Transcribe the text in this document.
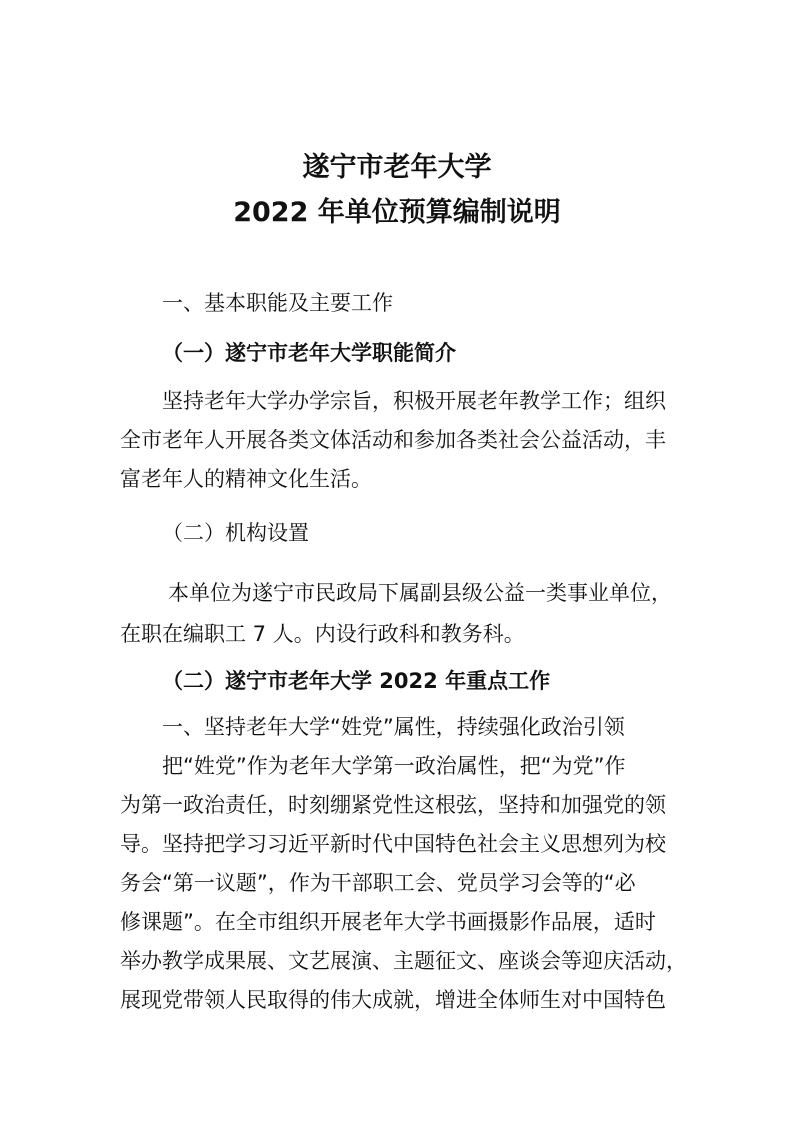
遂宁市老年大学
2022 年单位预算编制说明

一、基本职能及主要工作

（一）遂宁市老年大学职能简介

坚持老年大学办学宗旨，积极开展老年教学工作；组织

全市老年人开展各类文体活动和参加各类社会公益活动，丰

富老年人的精神文化生活。

（二）机构设置

本单位为遂宁市民政局下属副县级公益一类事业单位，

在职在编职工 7 人。内设行政科和教务科。

（二）遂宁市老年大学 2022 年重点工作

一、坚持老年大学“姓党”属性，持续强化政治引领

把“姓党”作为老年大学第一政治属性，把“为党”作

为第一政治责任，时刻绷紧党性这根弦，坚持和加强党的领

导。坚持把学习习近平新时代中国特色社会主义思想列为校

务会“第一议题”，作为干部职工会、党员学习会等的“必

修课题”。在全市组织开展老年大学书画摄影作品展，适时

举办教学成果展、文艺展演、主题征文、座谈会等迎庆活动，

展现党带领人民取得的伟大成就，增进全体师生对中国特色
